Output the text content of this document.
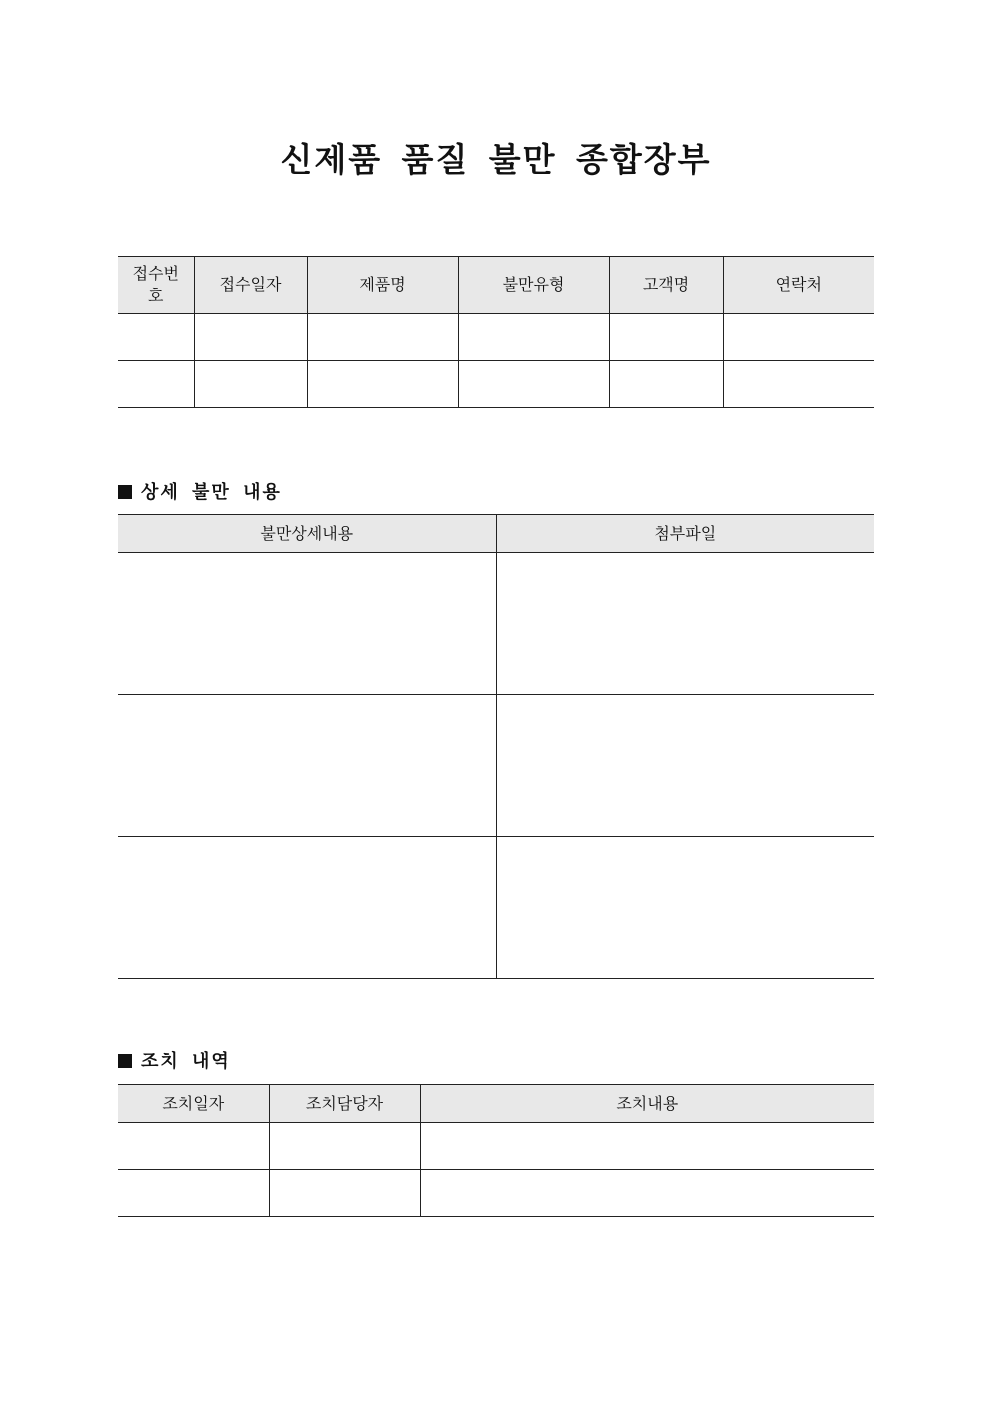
신제품 품질 불만 종합장부
접수번호	접수일자	제품명	불만유형	고객명	연락처

상세 불만 내용
불만상세내용	첨부파일

조치 내역
조치일자	조치담당자	조치내용
